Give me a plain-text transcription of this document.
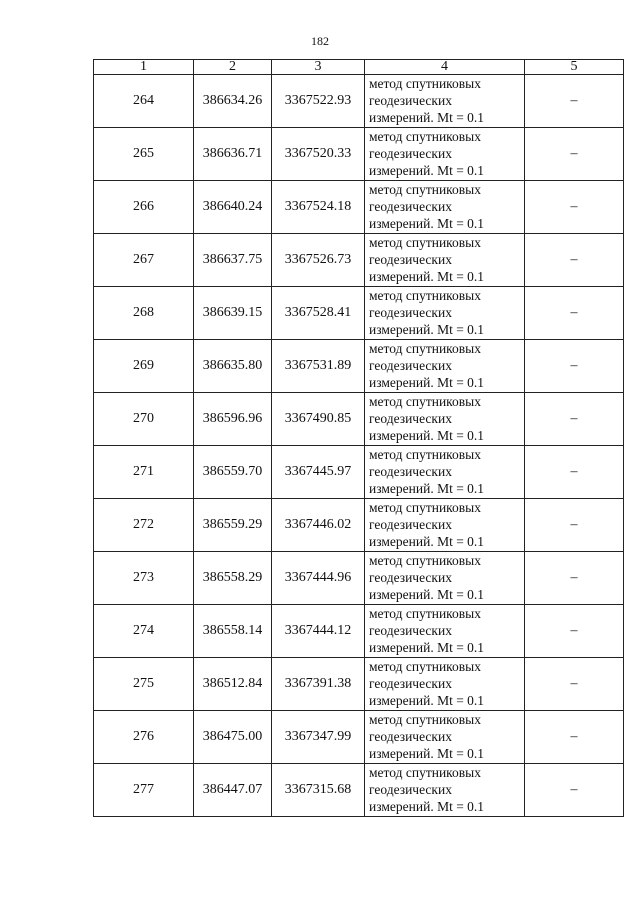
182
1	2	3	4	5
264	386634.26	3367522.93	метод спутниковых
геодезических
измерений. Mt = 0.1	–
265	386636.71	3367520.33	метод спутниковых
геодезических
измерений. Mt = 0.1	–
266	386640.24	3367524.18	метод спутниковых
геодезических
измерений. Mt = 0.1	–
267	386637.75	3367526.73	метод спутниковых
геодезических
измерений. Mt = 0.1	–
268	386639.15	3367528.41	метод спутниковых
геодезических
измерений. Mt = 0.1	–
269	386635.80	3367531.89	метод спутниковых
геодезических
измерений. Mt = 0.1	–
270	386596.96	3367490.85	метод спутниковых
геодезических
измерений. Mt = 0.1	–
271	386559.70	3367445.97	метод спутниковых
геодезических
измерений. Mt = 0.1	–
272	386559.29	3367446.02	метод спутниковых
геодезических
измерений. Mt = 0.1	–
273	386558.29	3367444.96	метод спутниковых
геодезических
измерений. Mt = 0.1	–
274	386558.14	3367444.12	метод спутниковых
геодезических
измерений. Mt = 0.1	–
275	386512.84	3367391.38	метод спутниковых
геодезических
измерений. Mt = 0.1	–
276	386475.00	3367347.99	метод спутниковых
геодезических
измерений. Mt = 0.1	–
277	386447.07	3367315.68	метод спутниковых
геодезических
измерений. Mt = 0.1	–
